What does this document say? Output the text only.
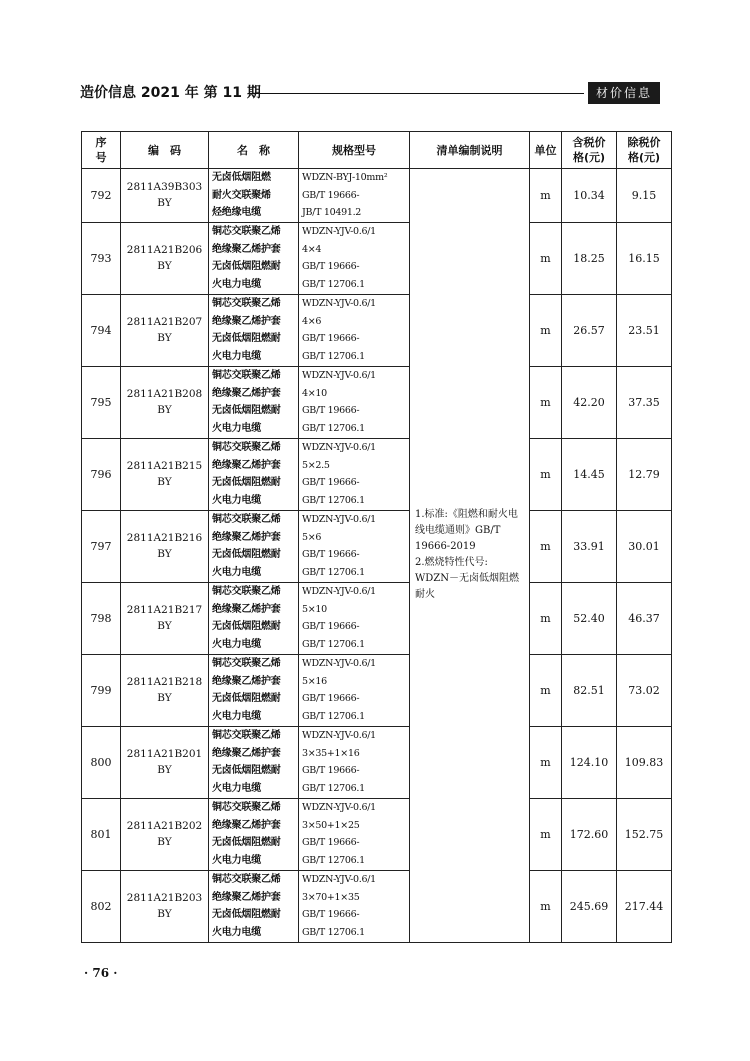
造价信息 2021 年 第 11 期	材价信息
序
号	编　码	名　称	规格型号	清单编制说明	单位	含税价
格(元)	除税价
格(元)
792	2811A39B303
BY	无卤低烟阻燃
耐火交联聚烯
烃绝缘电缆	WDZN-BYJ-10mm²
GB/T 19666-
JB/T 10491.2	1.标准:《阻燃和耐火电线电缆通则》GB/T 19666-2019
2.燃烧特性代号:
WDZN－无卤低烟阻燃耐火	m	10.34	9.15
793	2811A21B206
BY	铜芯交联聚乙烯
绝缘聚乙烯护套
无卤低烟阻燃耐
火电力电缆	WDZN-YJV-0.6/1
4×4
GB/T 19666-
GB/T 12706.1		m	18.25	16.15
794	2811A21B207
BY	铜芯交联聚乙烯
绝缘聚乙烯护套
无卤低烟阻燃耐
火电力电缆	WDZN-YJV-0.6/1
4×6
GB/T 19666-
GB/T 12706.1		m	26.57	23.51
795	2811A21B208
BY	铜芯交联聚乙烯
绝缘聚乙烯护套
无卤低烟阻燃耐
火电力电缆	WDZN-YJV-0.6/1
4×10
GB/T 19666-
GB/T 12706.1		m	42.20	37.35
796	2811A21B215
BY	铜芯交联聚乙烯
绝缘聚乙烯护套
无卤低烟阻燃耐
火电力电缆	WDZN-YJV-0.6/1
5×2.5
GB/T 19666-
GB/T 12706.1		m	14.45	12.79
797	2811A21B216
BY	铜芯交联聚乙烯
绝缘聚乙烯护套
无卤低烟阻燃耐
火电力电缆	WDZN-YJV-0.6/1
5×6
GB/T 19666-
GB/T 12706.1		m	33.91	30.01
798	2811A21B217
BY	铜芯交联聚乙烯
绝缘聚乙烯护套
无卤低烟阻燃耐
火电力电缆	WDZN-YJV-0.6/1
5×10
GB/T 19666-
GB/T 12706.1		m	52.40	46.37
799	2811A21B218
BY	铜芯交联聚乙烯
绝缘聚乙烯护套
无卤低烟阻燃耐
火电力电缆	WDZN-YJV-0.6/1
5×16
GB/T 19666-
GB/T 12706.1		m	82.51	73.02
800	2811A21B201
BY	铜芯交联聚乙烯
绝缘聚乙烯护套
无卤低烟阻燃耐
火电力电缆	WDZN-YJV-0.6/1
3×35+1×16
GB/T 19666-
GB/T 12706.1		m	124.10	109.83
801	2811A21B202
BY	铜芯交联聚乙烯
绝缘聚乙烯护套
无卤低烟阻燃耐
火电力电缆	WDZN-YJV-0.6/1
3×50+1×25
GB/T 19666-
GB/T 12706.1		m	172.60	152.75
802	2811A21B203
BY	铜芯交联聚乙烯
绝缘聚乙烯护套
无卤低烟阻燃耐
火电力电缆	WDZN-YJV-0.6/1
3×70+1×35
GB/T 19666-
GB/T 12706.1		m	245.69	217.44
· 76 ·
